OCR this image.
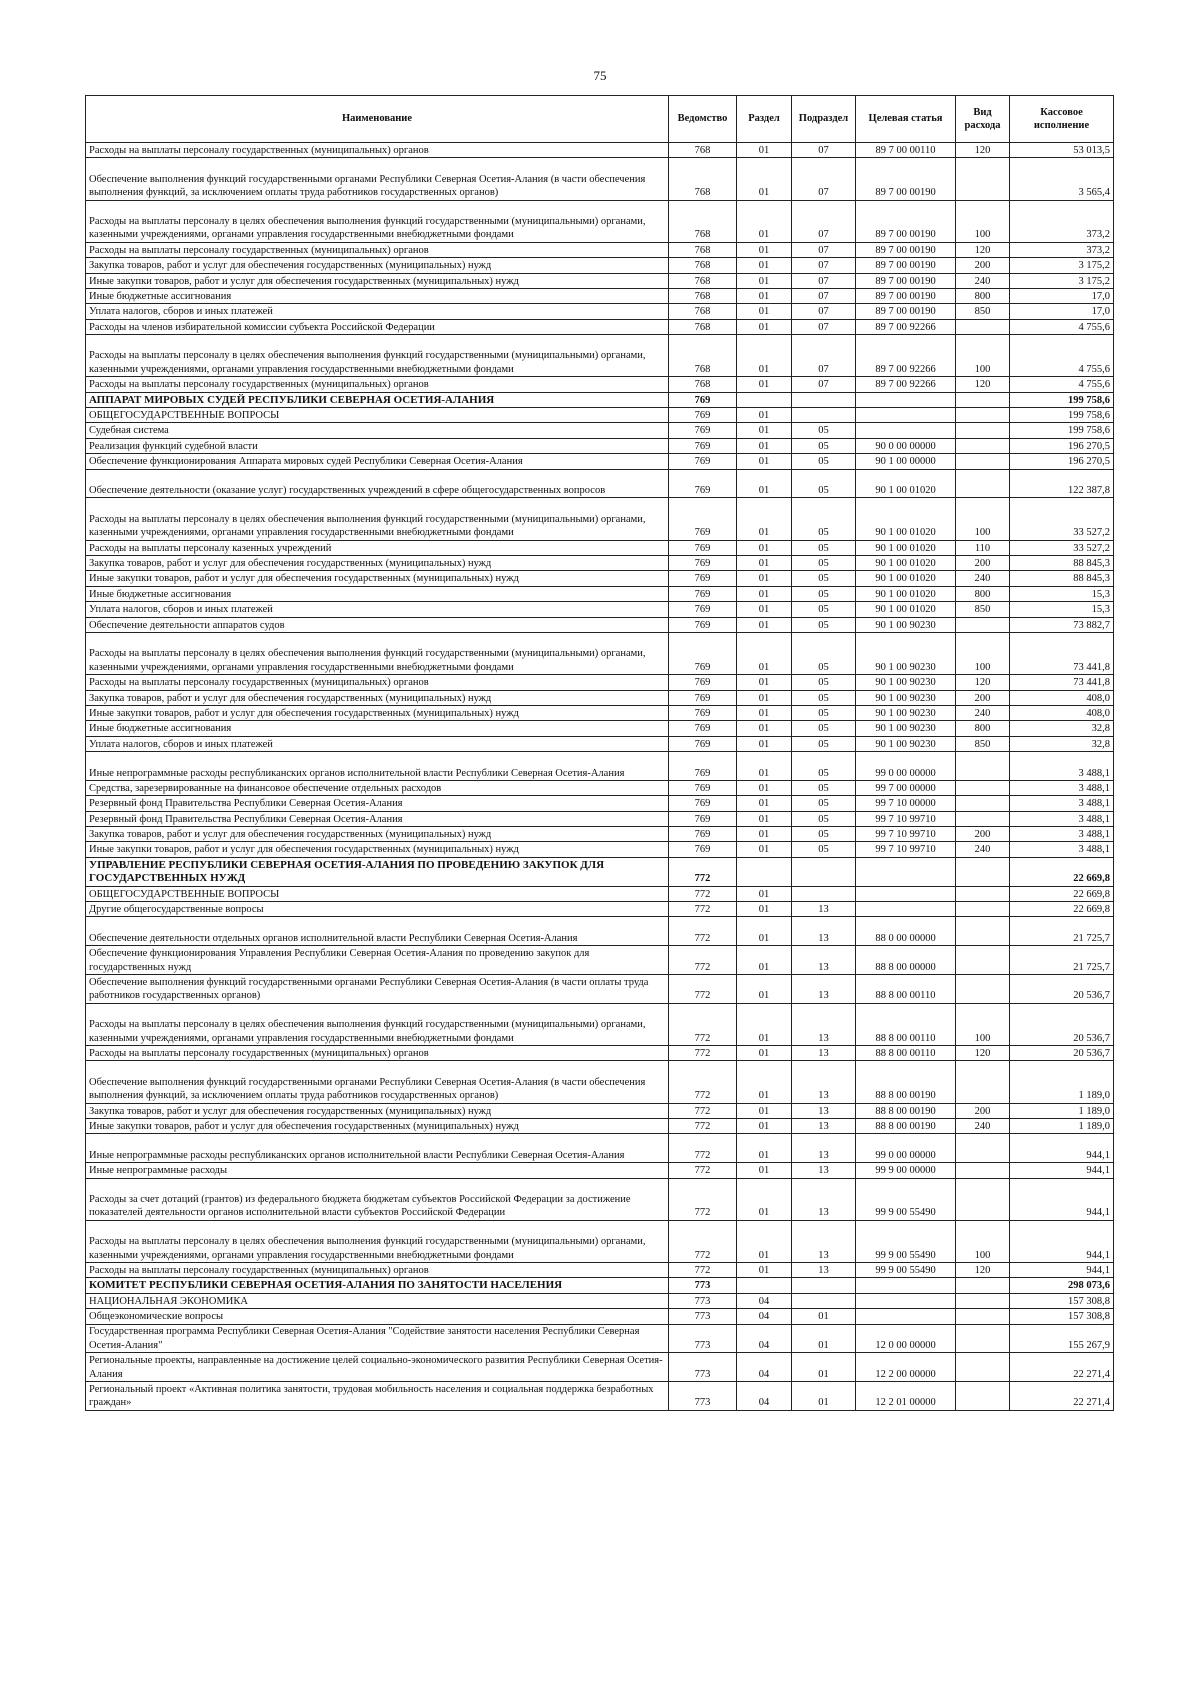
75
Наименование	Ведомство	Раздел	Подраздел	Целевая статья	Вид расхода	Кассовое исполнение
Расходы на выплаты персоналу государственных (муниципальных) органов	768	01	07	89 7 00 00110	120	53 013,5
Обеспечение выполнения функций государственными органами Республики Северная Осетия-Алания (в части обеспечения выполнения функций, за исключением оплаты труда работников государственных органов)	768	01	07	89 7 00 00190		3 565,4
Расходы на выплаты персоналу в целях обеспечения выполнения функций государственными (муниципальными) органами, казенными учреждениями, органами управления государственными внебюджетными фондами	768	01	07	89 7 00 00190	100	373,2
Расходы на выплаты персоналу государственных (муниципальных) органов	768	01	07	89 7 00 00190	120	373,2
Закупка товаров, работ и услуг для обеспечения государственных (муниципальных) нужд	768	01	07	89 7 00 00190	200	3 175,2
Иные закупки товаров, работ и услуг для обеспечения государственных (муниципальных) нужд	768	01	07	89 7 00 00190	240	3 175,2
Иные бюджетные ассигнования	768	01	07	89 7 00 00190	800	17,0
Уплата налогов, сборов и иных платежей	768	01	07	89 7 00 00190	850	17,0
Расходы на членов избирательной комиссии субъекта Российской Федерации	768	01	07	89 7 00 92266		4 755,6
Расходы на выплаты персоналу в целях обеспечения выполнения функций государственными (муниципальными) органами, казенными учреждениями, органами управления государственными внебюджетными фондами	768	01	07	89 7 00 92266	100	4 755,6
Расходы на выплаты персоналу государственных (муниципальных) органов	768	01	07	89 7 00 92266	120	4 755,6
АППАРАТ МИРОВЫХ СУДЕЙ РЕСПУБЛИКИ СЕВЕРНАЯ ОСЕТИЯ-АЛАНИЯ	769					199 758,6
ОБЩЕГОСУДАРСТВЕННЫЕ ВОПРОСЫ	769	01				199 758,6
Судебная система	769	01	05			199 758,6
Реализация функций судебной власти	769	01	05	90 0 00 00000		196 270,5
Обеспечение функционирования Аппарата мировых судей Республики Северная Осетия-Алания	769	01	05	90 1 00 00000		196 270,5
Обеспечение деятельности (оказание услуг) государственных учреждений в сфере общегосударственных вопросов	769	01	05	90 1 00 01020		122 387,8
Расходы на выплаты персоналу в целях обеспечения выполнения функций государственными (муниципальными) органами, казенными учреждениями, органами управления государственными внебюджетными фондами	769	01	05	90 1 00 01020	100	33 527,2
Расходы на выплаты персоналу казенных учреждений	769	01	05	90 1 00 01020	110	33 527,2
Закупка товаров, работ и услуг для обеспечения государственных (муниципальных) нужд	769	01	05	90 1 00 01020	200	88 845,3
Иные закупки товаров, работ и услуг для обеспечения государственных (муниципальных) нужд	769	01	05	90 1 00 01020	240	88 845,3
Иные бюджетные ассигнования	769	01	05	90 1 00 01020	800	15,3
Уплата налогов, сборов и иных платежей	769	01	05	90 1 00 01020	850	15,3
Обеспечение деятельности аппаратов судов	769	01	05	90 1 00 90230		73 882,7
Расходы на выплаты персоналу в целях обеспечения выполнения функций государственными (муниципальными) органами, казенными учреждениями, органами управления государственными внебюджетными фондами	769	01	05	90 1 00 90230	100	73 441,8
Расходы на выплаты персоналу государственных (муниципальных) органов	769	01	05	90 1 00 90230	120	73 441,8
Закупка товаров, работ и услуг для обеспечения государственных (муниципальных) нужд	769	01	05	90 1 00 90230	200	408,0
Иные закупки товаров, работ и услуг для обеспечения государственных (муниципальных) нужд	769	01	05	90 1 00 90230	240	408,0
Иные бюджетные ассигнования	769	01	05	90 1 00 90230	800	32,8
Уплата налогов, сборов и иных платежей	769	01	05	90 1 00 90230	850	32,8
Иные непрограммные расходы республиканских органов исполнительной власти Республики Северная Осетия-Алания	769	01	05	99 0 00 00000		3 488,1
Средства, зарезервированные на финансовое обеспечение отдельных расходов	769	01	05	99 7 00 00000		3 488,1
Резервный фонд Правительства Республики Северная Осетия-Алания	769	01	05	99 7 10 00000		3 488,1
Резервный фонд Правительства Республики Северная Осетия-Алания	769	01	05	99 7 10 99710		3 488,1
Закупка товаров, работ и услуг для обеспечения государственных (муниципальных) нужд	769	01	05	99 7 10 99710	200	3 488,1
Иные закупки товаров, работ и услуг для обеспечения государственных (муниципальных) нужд	769	01	05	99 7 10 99710	240	3 488,1
УПРАВЛЕНИЕ РЕСПУБЛИКИ СЕВЕРНАЯ ОСЕТИЯ-АЛАНИЯ ПО ПРОВЕДЕНИЮ ЗАКУПОК ДЛЯ ГОСУДАРСТВЕННЫХ НУЖД	772					22 669,8
ОБЩЕГОСУДАРСТВЕННЫЕ ВОПРОСЫ	772	01				22 669,8
Другие общегосударственные вопросы	772	01	13			22 669,8
Обеспечение деятельности отдельных органов исполнительной власти Республики Северная Осетия-Алания	772	01	13	88 0 00 00000		21 725,7
Обеспечение функционирования Управления Республики Северная Осетия-Алания по проведению закупок для государственных нужд	772	01	13	88 8 00 00000		21 725,7
Обеспечение выполнения функций государственными органами Республики Северная Осетия-Алания (в части оплаты труда работников государственных органов)	772	01	13	88 8 00 00110		20 536,7
Расходы на выплаты персоналу в целях обеспечения выполнения функций государственными (муниципальными) органами, казенными учреждениями, органами управления государственными внебюджетными фондами	772	01	13	88 8 00 00110	100	20 536,7
Расходы на выплаты персоналу государственных (муниципальных) органов	772	01	13	88 8 00 00110	120	20 536,7
Обеспечение выполнения функций государственными органами Республики Северная Осетия-Алания (в части обеспечения выполнения функций, за исключением оплаты труда работников государственных органов)	772	01	13	88 8 00 00190		1 189,0
Закупка товаров, работ и услуг для обеспечения государственных (муниципальных) нужд	772	01	13	88 8 00 00190	200	1 189,0
Иные закупки товаров, работ и услуг для обеспечения государственных (муниципальных) нужд	772	01	13	88 8 00 00190	240	1 189,0
Иные непрограммные расходы республиканских органов исполнительной власти Республики Северная Осетия-Алания	772	01	13	99 0 00 00000		944,1
Иные непрограммные расходы	772	01	13	99 9 00 00000		944,1
Расходы за счет дотаций (грантов) из федерального бюджета бюджетам субъектов Российской Федерации за достижение показателей деятельности органов исполнительной власти субъектов Российской Федерации	772	01	13	99 9 00 55490		944,1
Расходы на выплаты персоналу в целях обеспечения выполнения функций государственными (муниципальными) органами, казенными учреждениями, органами управления государственными внебюджетными фондами	772	01	13	99 9 00 55490	100	944,1
Расходы на выплаты персоналу государственных (муниципальных) органов	772	01	13	99 9 00 55490	120	944,1
КОМИТЕТ РЕСПУБЛИКИ СЕВЕРНАЯ ОСЕТИЯ-АЛАНИЯ ПО ЗАНЯТОСТИ НАСЕЛЕНИЯ	773					298 073,6
НАЦИОНАЛЬНАЯ ЭКОНОМИКА	773	04				157 308,8
Общеэкономические вопросы	773	04	01			157 308,8
Государственная программа Республики Северная Осетия-Алания "Содействие занятости населения Республики Северная Осетия-Алания"	773	04	01	12 0 00 00000		155 267,9
Региональные проекты, направленные на достижение целей социально-экономического развития Республики Северная Осетия-Алания	773	04	01	12 2 00 00000		22 271,4
Региональный проект «Активная политика занятости, трудовая мобильность населения и социальная поддержка безработных граждан»	773	04	01	12 2 01 00000		22 271,4
